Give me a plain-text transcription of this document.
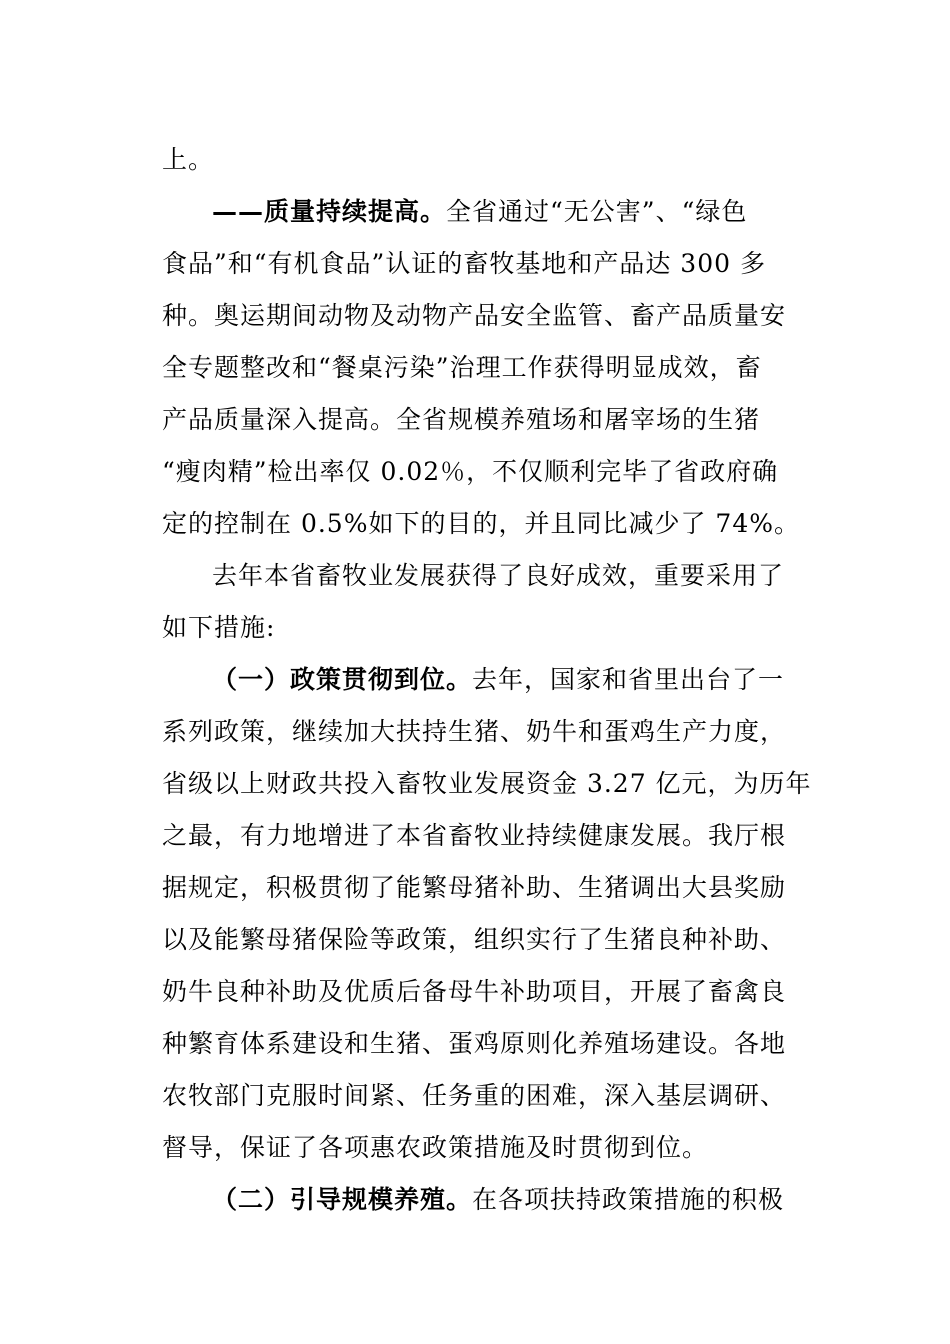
上。
——质量持续提高。全省通过“无公害”、“绿色
食品”和“有机食品”认证的畜牧基地和产品达 300 多
种。奥运期间动物及动物产品安全监管、畜产品质量安
全专题整改和“餐桌污染”治理工作获得明显成效，畜
产品质量深入提高。全省规模养殖场和屠宰场的生猪
“瘦肉精”检出率仅 0.02％，不仅顺利完毕了省政府确
定的控制在 0.5%如下的目的，并且同比减少了 74%。
去年本省畜牧业发展获得了良好成效，重要采用了
如下措施:
（一）政策贯彻到位。去年，国家和省里出台了一
系列政策，继续加大扶持生猪、奶牛和蛋鸡生产力度，
省级以上财政共投入畜牧业发展资金 3.27 亿元，为历年
之最，有力地增进了本省畜牧业持续健康发展。我厅根
据规定，积极贯彻了能繁母猪补助、生猪调出大县奖励
以及能繁母猪保险等政策，组织实行了生猪良种补助、
奶牛良种补助及优质后备母牛补助项目，开展了畜禽良
种繁育体系建设和生猪、蛋鸡原则化养殖场建设。各地
农牧部门克服时间紧、任务重的困难，深入基层调研、
督导，保证了各项惠农政策措施及时贯彻到位。
（二）引导规模养殖。在各项扶持政策措施的积极
